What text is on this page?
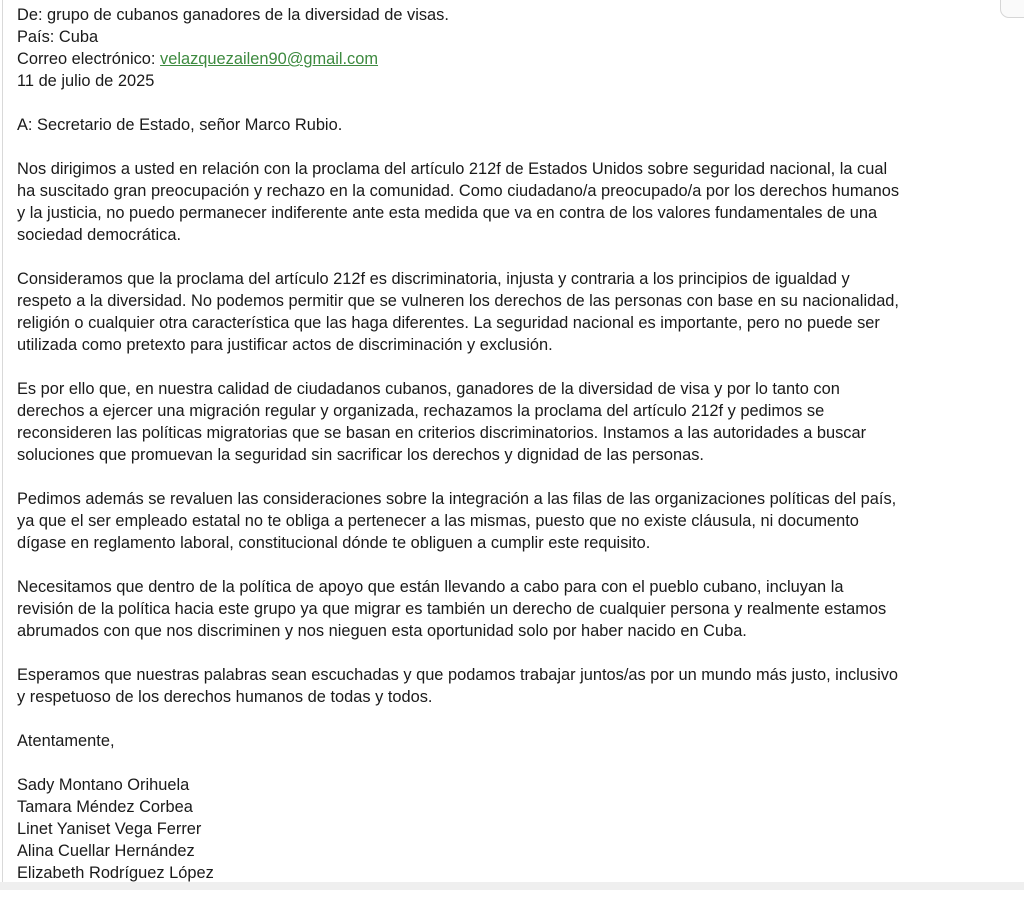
De: grupo de cubanos ganadores de la diversidad de visas.
País: Cuba
Correo electrónico: velazquezailen90@gmail.com
11 de julio de 2025
A: Secretario de Estado, señor Marco Rubio.
Nos dirigimos a usted en relación con la proclama del artículo 212f de Estados Unidos sobre seguridad nacional, la cual
ha suscitado gran preocupación y rechazo en la comunidad. Como ciudadano/a preocupado/a por los derechos humanos
y la justicia, no puedo permanecer indiferente ante esta medida que va en contra de los valores fundamentales de una
sociedad democrática.
Consideramos que la proclama del artículo 212f es discriminatoria, injusta y contraria a los principios de igualdad y
respeto a la diversidad. No podemos permitir que se vulneren los derechos de las personas con base en su nacionalidad,
religión o cualquier otra característica que las haga diferentes. La seguridad nacional es importante, pero no puede ser
utilizada como pretexto para justificar actos de discriminación y exclusión.
Es por ello que, en nuestra calidad de ciudadanos cubanos, ganadores de la diversidad de visa y por lo tanto con
derechos a ejercer una migración regular y organizada, rechazamos la proclama del artículo 212f y pedimos se
reconsideren las políticas migratorias que se basan en criterios discriminatorios. Instamos a las autoridades a buscar
soluciones que promuevan la seguridad sin sacrificar los derechos y dignidad de las personas.
Pedimos además se revaluen las consideraciones sobre la integración a las filas de las organizaciones políticas del país,
ya que el ser empleado estatal no te obliga a pertenecer a las mismas, puesto que no existe cláusula, ni documento
dígase en reglamento laboral, constitucional dónde te obliguen a cumplir este requisito.
Necesitamos que dentro de la política de apoyo que están llevando a cabo para con el pueblo cubano, incluyan la
revisión de la política hacia este grupo ya que migrar es también un derecho de cualquier persona y realmente estamos
abrumados con que nos discriminen y nos nieguen esta oportunidad solo por haber nacido en Cuba.
Esperamos que nuestras palabras sean escuchadas y que podamos trabajar juntos/as por un mundo más justo, inclusivo
y respetuoso de los derechos humanos de todas y todos.
Atentamente,
Sady Montano Orihuela
Tamara Méndez Corbea
Linet Yaniset Vega Ferrer
Alina Cuellar Hernández
Elizabeth Rodríguez López
